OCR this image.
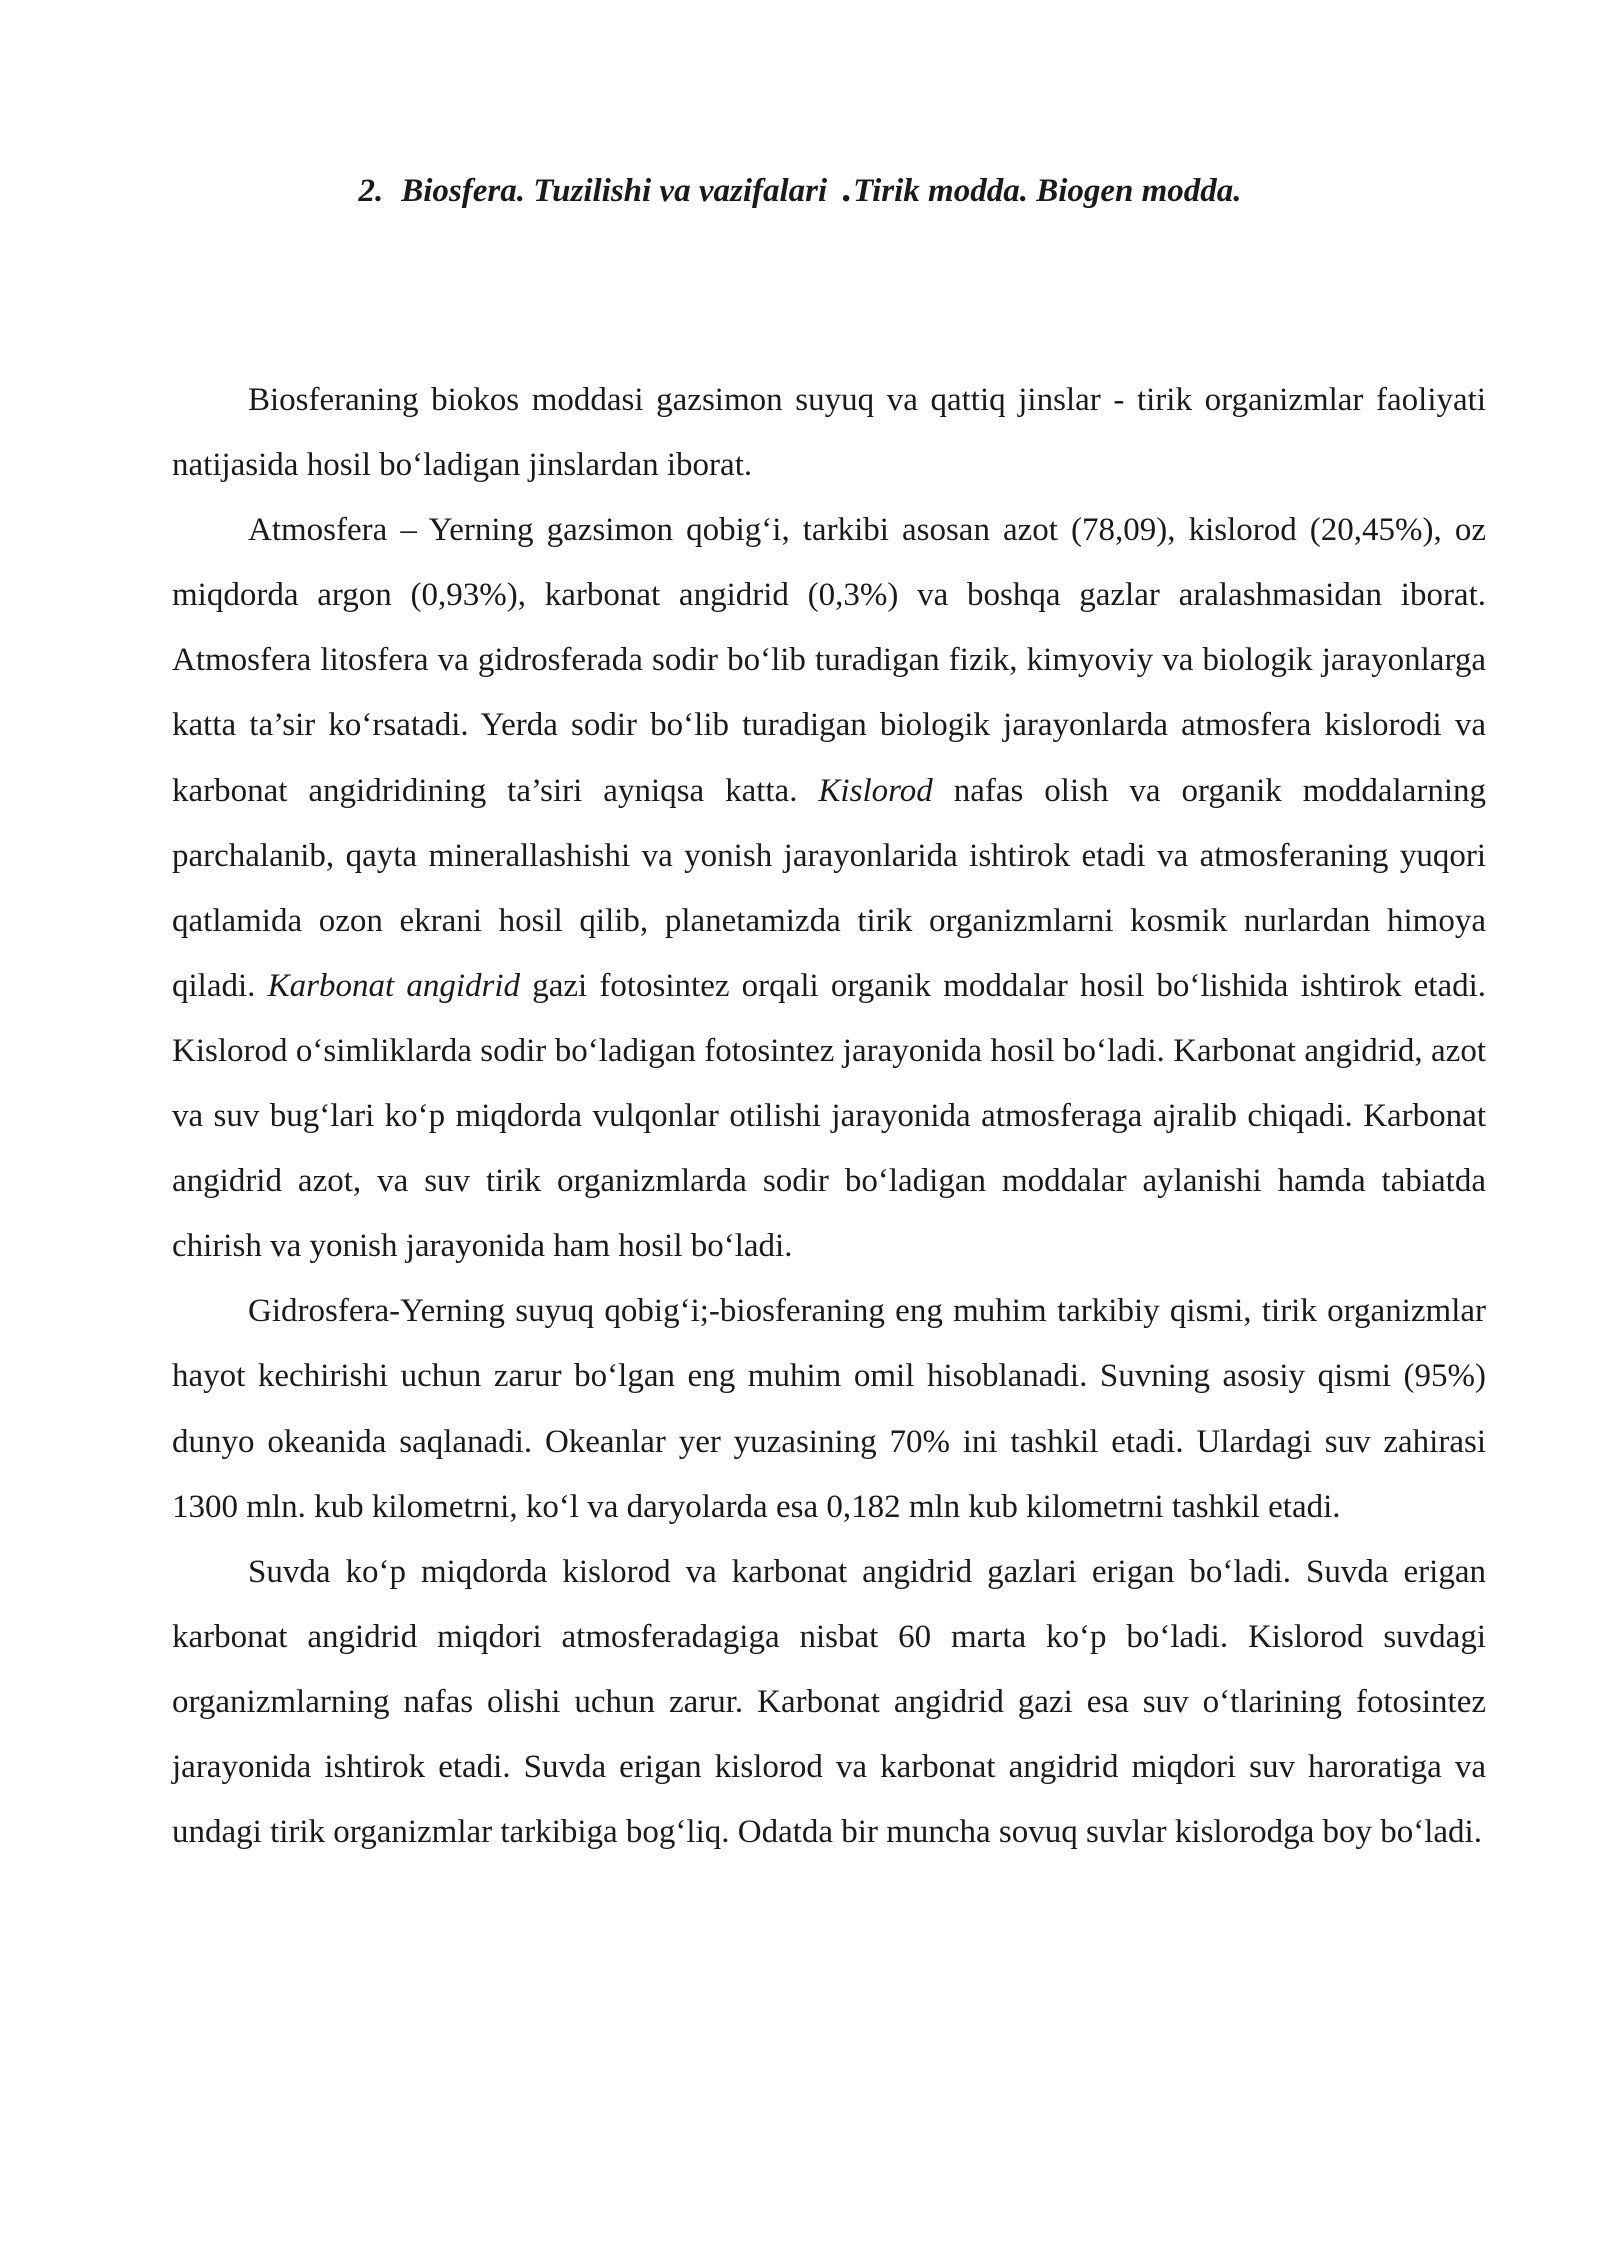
2. Biosfera. Tuzilishi va vazifalari .Tirik modda. Biogen modda.

Biosferaning biokos moddasi gazsimon suyuq va qattiq jinslar - tirik organizmlar faoliyati natijasida hosil bo‘ladigan jinslardan iborat.

Atmosfera – Yerning gazsimon qobig‘i, tarkibi asosan azot (78,09), kislorod (20,45%), oz miqdorda argon (0,93%), karbonat angidrid (0,3%) va boshqa gazlar aralashmasidan iborat. Atmosfera litosfera va gidrosferada sodir bo‘lib turadigan fizik, kimyoviy va biologik jarayonlarga katta ta’sir ko‘rsatadi. Yerda sodir bo‘lib turadigan biologik jarayonlarda atmosfera kislorodi va karbonat angidridining ta’siri ayniqsa katta. Kislorod nafas olish va organik moddalarning parchalanib, qayta minerallashishi va yonish jarayonlarida ishtirok etadi va atmosferaning yuqori qatlamida ozon ekrani hosil qilib, planetamizda tirik organizmlarni kosmik nurlardan himoya qiladi. Karbonat angidrid gazi fotosintez orqali organik moddalar hosil bo‘lishida ishtirok etadi. Kislorod o‘simliklarda sodir bo‘ladigan fotosintez jarayonida hosil bo‘ladi. Karbonat angidrid, azot va suv bug‘lari ko‘p miqdorda vulqonlar otilishi jarayonida atmosferaga ajralib chiqadi. Karbonat angidrid azot, va suv tirik organizmlarda sodir bo‘ladigan moddalar aylanishi hamda tabiatda chirish va yonish jarayonida ham hosil bo‘ladi.

Gidrosfera-Yerning suyuq qobig‘i;-biosferaning eng muhim tarkibiy qismi, tirik organizmlar hayot kechirishi uchun zarur bo‘lgan eng muhim omil hisoblanadi. Suvning asosiy qismi (95%) dunyo okeanida saqlanadi. Okeanlar yer yuzasining 70% ini tashkil etadi. Ulardagi suv zahirasi 1300 mln. kub kilometrni, ko‘l va daryolarda esa 0,182 mln kub kilometrni tashkil etadi.

Suvda ko‘p miqdorda kislorod va karbonat angidrid gazlari erigan bo‘ladi. Suvda erigan karbonat angidrid miqdori atmosferadagiga nisbat 60 marta ko‘p bo‘ladi. Kislorod suvdagi organizmlarning nafas olishi uchun zarur. Karbonat angidrid gazi esa suv o‘tlarining fotosintez jarayonida ishtirok etadi. Suvda erigan kislorod va karbonat angidrid miqdori suv haroratiga va undagi tirik organizmlar tarkibiga bog‘liq. Odatda bir muncha sovuq suvlar kislorodga boy bo‘ladi.
